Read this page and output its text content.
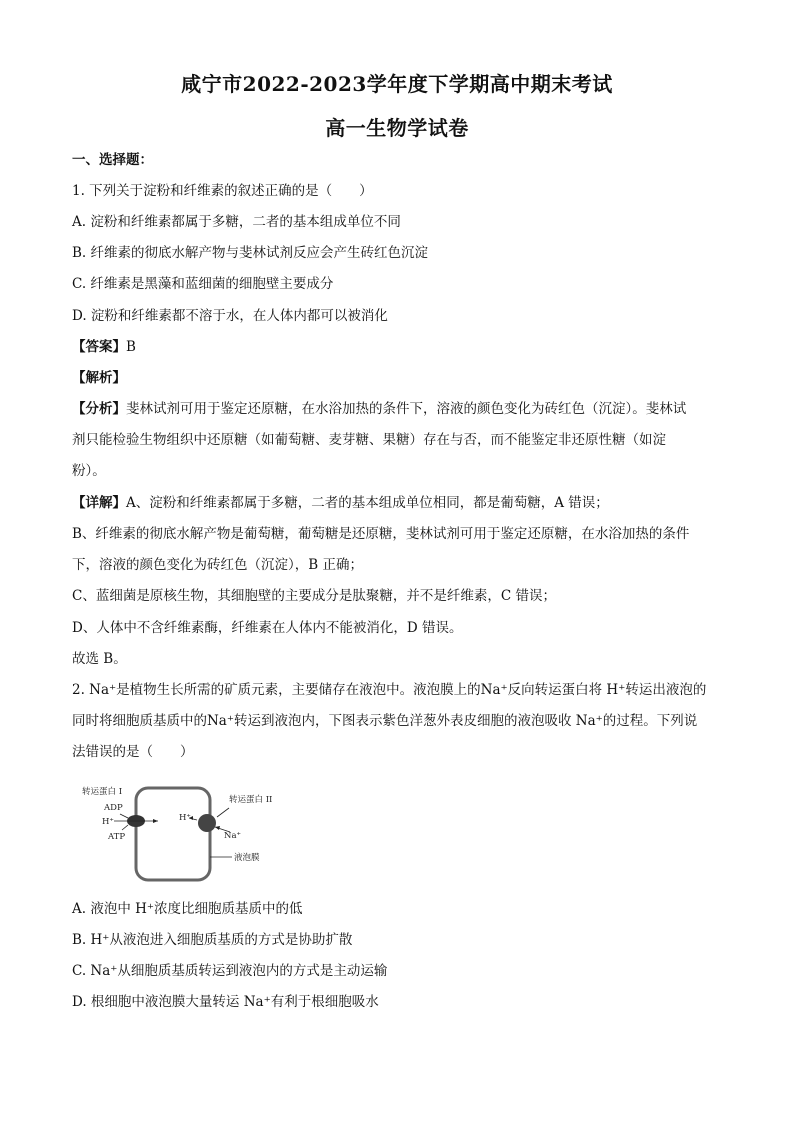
咸宁市2022-2023学年度下学期高中期末考试
高一生物学试卷
一、选择题：
1. 下列关于淀粉和纤维素的叙述正确的是（　　）
A. 淀粉和纤维素都属于多糖，二者的基本组成单位不同
B. 纤维素的彻底水解产物与斐林试剂反应会产生砖红色沉淀
C. 纤维素是黑藻和蓝细菌的细胞壁主要成分
D. 淀粉和纤维素都不溶于水，在人体内都可以被消化
【答案】B
【解析】
【分析】斐林试剂可用于鉴定还原糖，在水浴加热的条件下，溶液的颜色变化为砖红色（沉淀）。斐林试
剂只能检验生物组织中还原糖（如葡萄糖、麦芽糖、果糖）存在与否，而不能鉴定非还原性糖（如淀
粉）。
【详解】A、淀粉和纤维素都属于多糖，二者的基本组成单位相同，都是葡萄糖，A 错误；
B、纤维素的彻底水解产物是葡萄糖，葡萄糖是还原糖，斐林试剂可用于鉴定还原糖，在水浴加热的条件
下，溶液的颜色变化为砖红色（沉淀），B 正确；
C、蓝细菌是原核生物，其细胞壁的主要成分是肽聚糖，并不是纤维素，C 错误；
D、人体中不含纤维素酶，纤维素在人体内不能被消化，D 错误。
故选 B。
2. Na⁺是植物生长所需的矿质元素，主要储存在液泡中。液泡膜上的Na⁺反向转运蛋白将 H⁺转运出液泡的
同时将细胞质基质中的Na⁺转运到液泡内，下图表示紫色洋葱外表皮细胞的液泡吸收 Na⁺的过程。下列说
法错误的是（　　）
转运蛋白 I
ADP
H⁺
ATP
转运蛋白 II
H⁺
Na⁺
液泡膜
A. 液泡中 H⁺浓度比细胞质基质中的低
B. H⁺从液泡进入细胞质基质的方式是协助扩散
C. Na⁺从细胞质基质转运到液泡内的方式是主动运输
D. 根细胞中液泡膜大量转运 Na⁺有利于根细胞吸水
